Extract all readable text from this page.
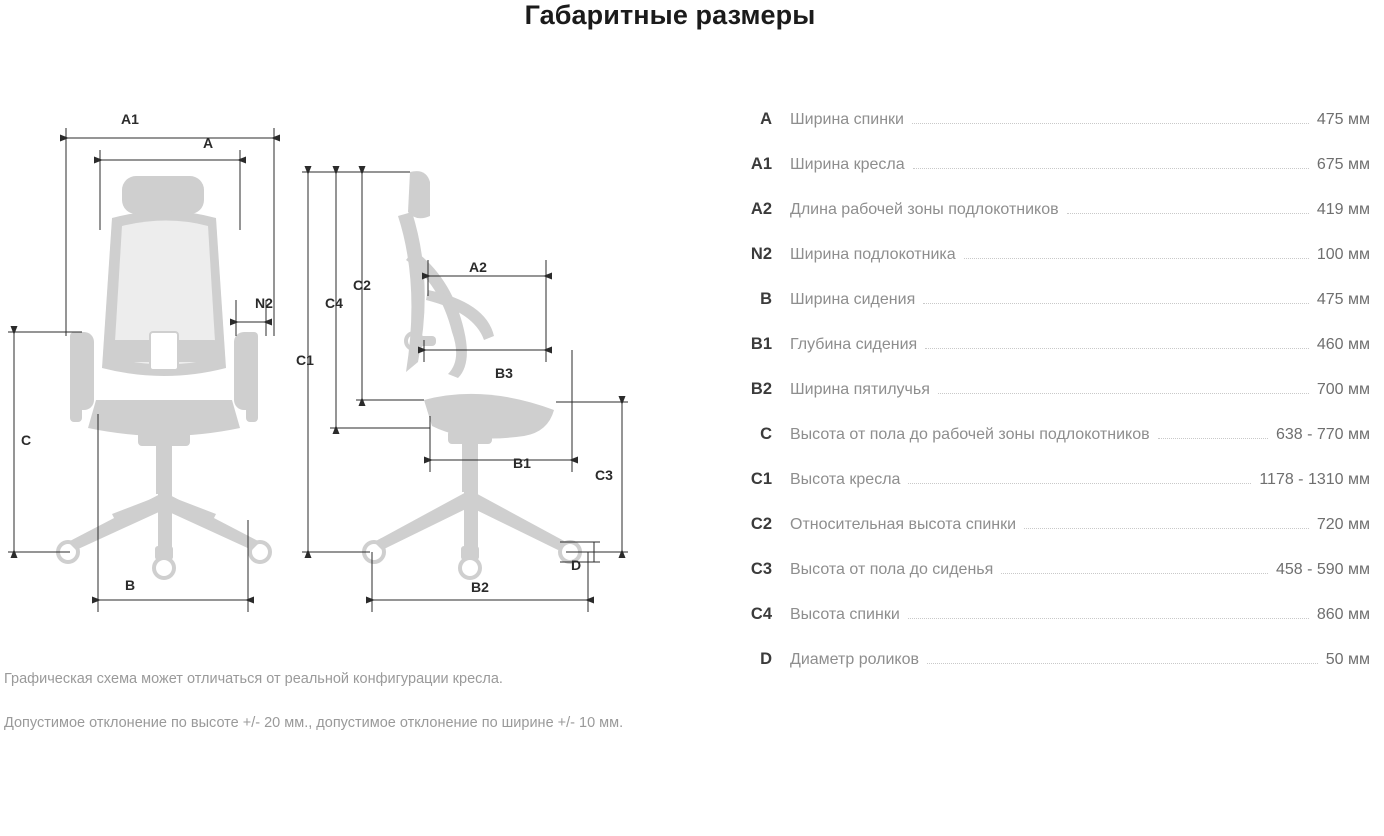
Габаритные размеры
A1
A
N2
C
B
C1
C4
C2
A2
B3
B1
C3
B2
D
Графическая схема может отличаться от реальной конфигурации кресла.
Допустимое отклонение по высоте +/- 20 мм., допустимое отклонение по ширине +/- 10 мм.
A	Ширина спинки	475 мм
A1	Ширина кресла	675 мм
A2	Длина рабочей зоны подлокотников	419 мм
N2	Ширина подлокотника	100 мм
B	Ширина сидения	475 мм
B1	Глубина сидения	460 мм
B2	Ширина пятилучья	700 мм
C	Высота от пола до рабочей зоны подлокотников	638 - 770 мм
C1	Высота кресла	1178 - 1310 мм
C2	Относительная высота спинки	720 мм
C3	Высота от пола до сиденья	458 - 590 мм
C4	Высота спинки	860 мм
D	Диаметр роликов	50 мм
